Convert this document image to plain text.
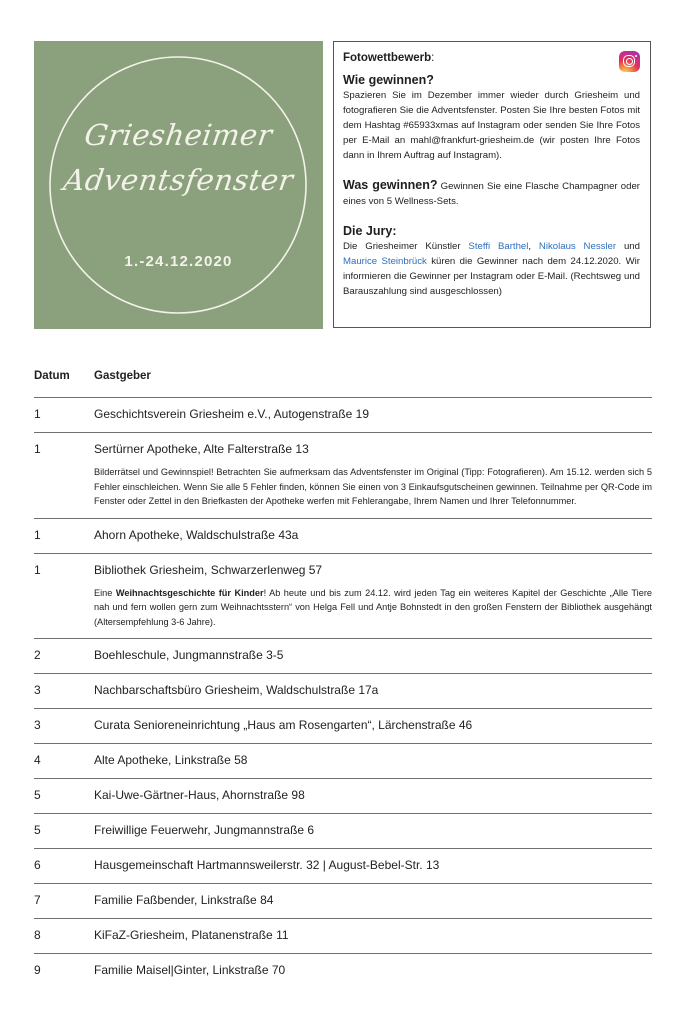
Griesheimer
Adventsfenster
1.-24.12.2020
Fotowettbewerb:
Wie gewinnen?

Spazieren Sie im Dezember immer wieder durch Griesheim und fotografieren Sie die Adventsfenster. Posten Sie Ihre besten Fotos mit dem Hashtag #65933xmas auf Instagram oder senden Sie Ihre Fotos per E-Mail an mahl@frankfurt-griesheim.de (wir posten Ihre Fotos dann in Ihrem Auftrag auf Instagram).

Was gewinnen? Gewinnen Sie eine Flasche Champagner oder eines von 5 Wellness-Sets.

Die Jury:

Die Griesheimer Künstler Steffi Barthel, Nikolaus Nessler und Maurice Steinbrück küren die Gewinner nach dem 24.12.2020. Wir informieren die Gewinner per Instagram oder E-Mail. (Rechtsweg und Barauszahlung sind ausgeschlossen)

Datum	Gastgeber
1	Geschichtsverein Griesheim e.V., Autogenstraße 19
1	Sertürner Apotheke, Alte Falterstraße 13
Bilderrätsel und Gewinnspiel! Betrachten Sie aufmerksam das Adventsfenster im Original (Tipp: Fotografieren). Am 15.12. werden sich 5 Fehler einschleichen. Wenn Sie alle 5 Fehler finden, können Sie einen von 3 Einkaufsgutscheinen gewinnen. Teilnahme per QR-Code im Fenster oder Zettel in den Briefkasten der Apotheke werfen mit Fehlerangabe, Ihrem Namen und Ihrer Telefonnummer.
1	Ahorn Apotheke, Waldschulstraße 43a
1	Bibliothek Griesheim, Schwarzerlenweg 57
Eine Weihnachtsgeschichte für Kinder! Ab heute und bis zum 24.12. wird jeden Tag ein weiteres Kapitel der Geschichte „Alle Tiere nah und fern wollen gern zum Weihnachtsstern“ von Helga Fell und Antje Bohnstedt in den großen Fenstern der Bibliothek ausgehängt (Altersempfehlung 3-6 Jahre).
2	Boehleschule, Jungmannstraße 3-5
3	Nachbarschaftsbüro Griesheim, Waldschulstraße 17a
3	Curata Senioreneinrichtung „Haus am Rosengarten“, Lärchenstraße 46
4	Alte Apotheke, Linkstraße 58
5	Kai-Uwe-Gärtner-Haus, Ahornstraße 98
5	Freiwillige Feuerwehr, Jungmannstraße 6
6	Hausgemeinschaft Hartmannsweilerstr. 32 | August-Bebel-Str. 13
7	Familie Faßbender, Linkstraße 84
8	KiFaZ-Griesheim, Platanenstraße 11
9	Familie Maisel|Ginter, Linkstraße 70
